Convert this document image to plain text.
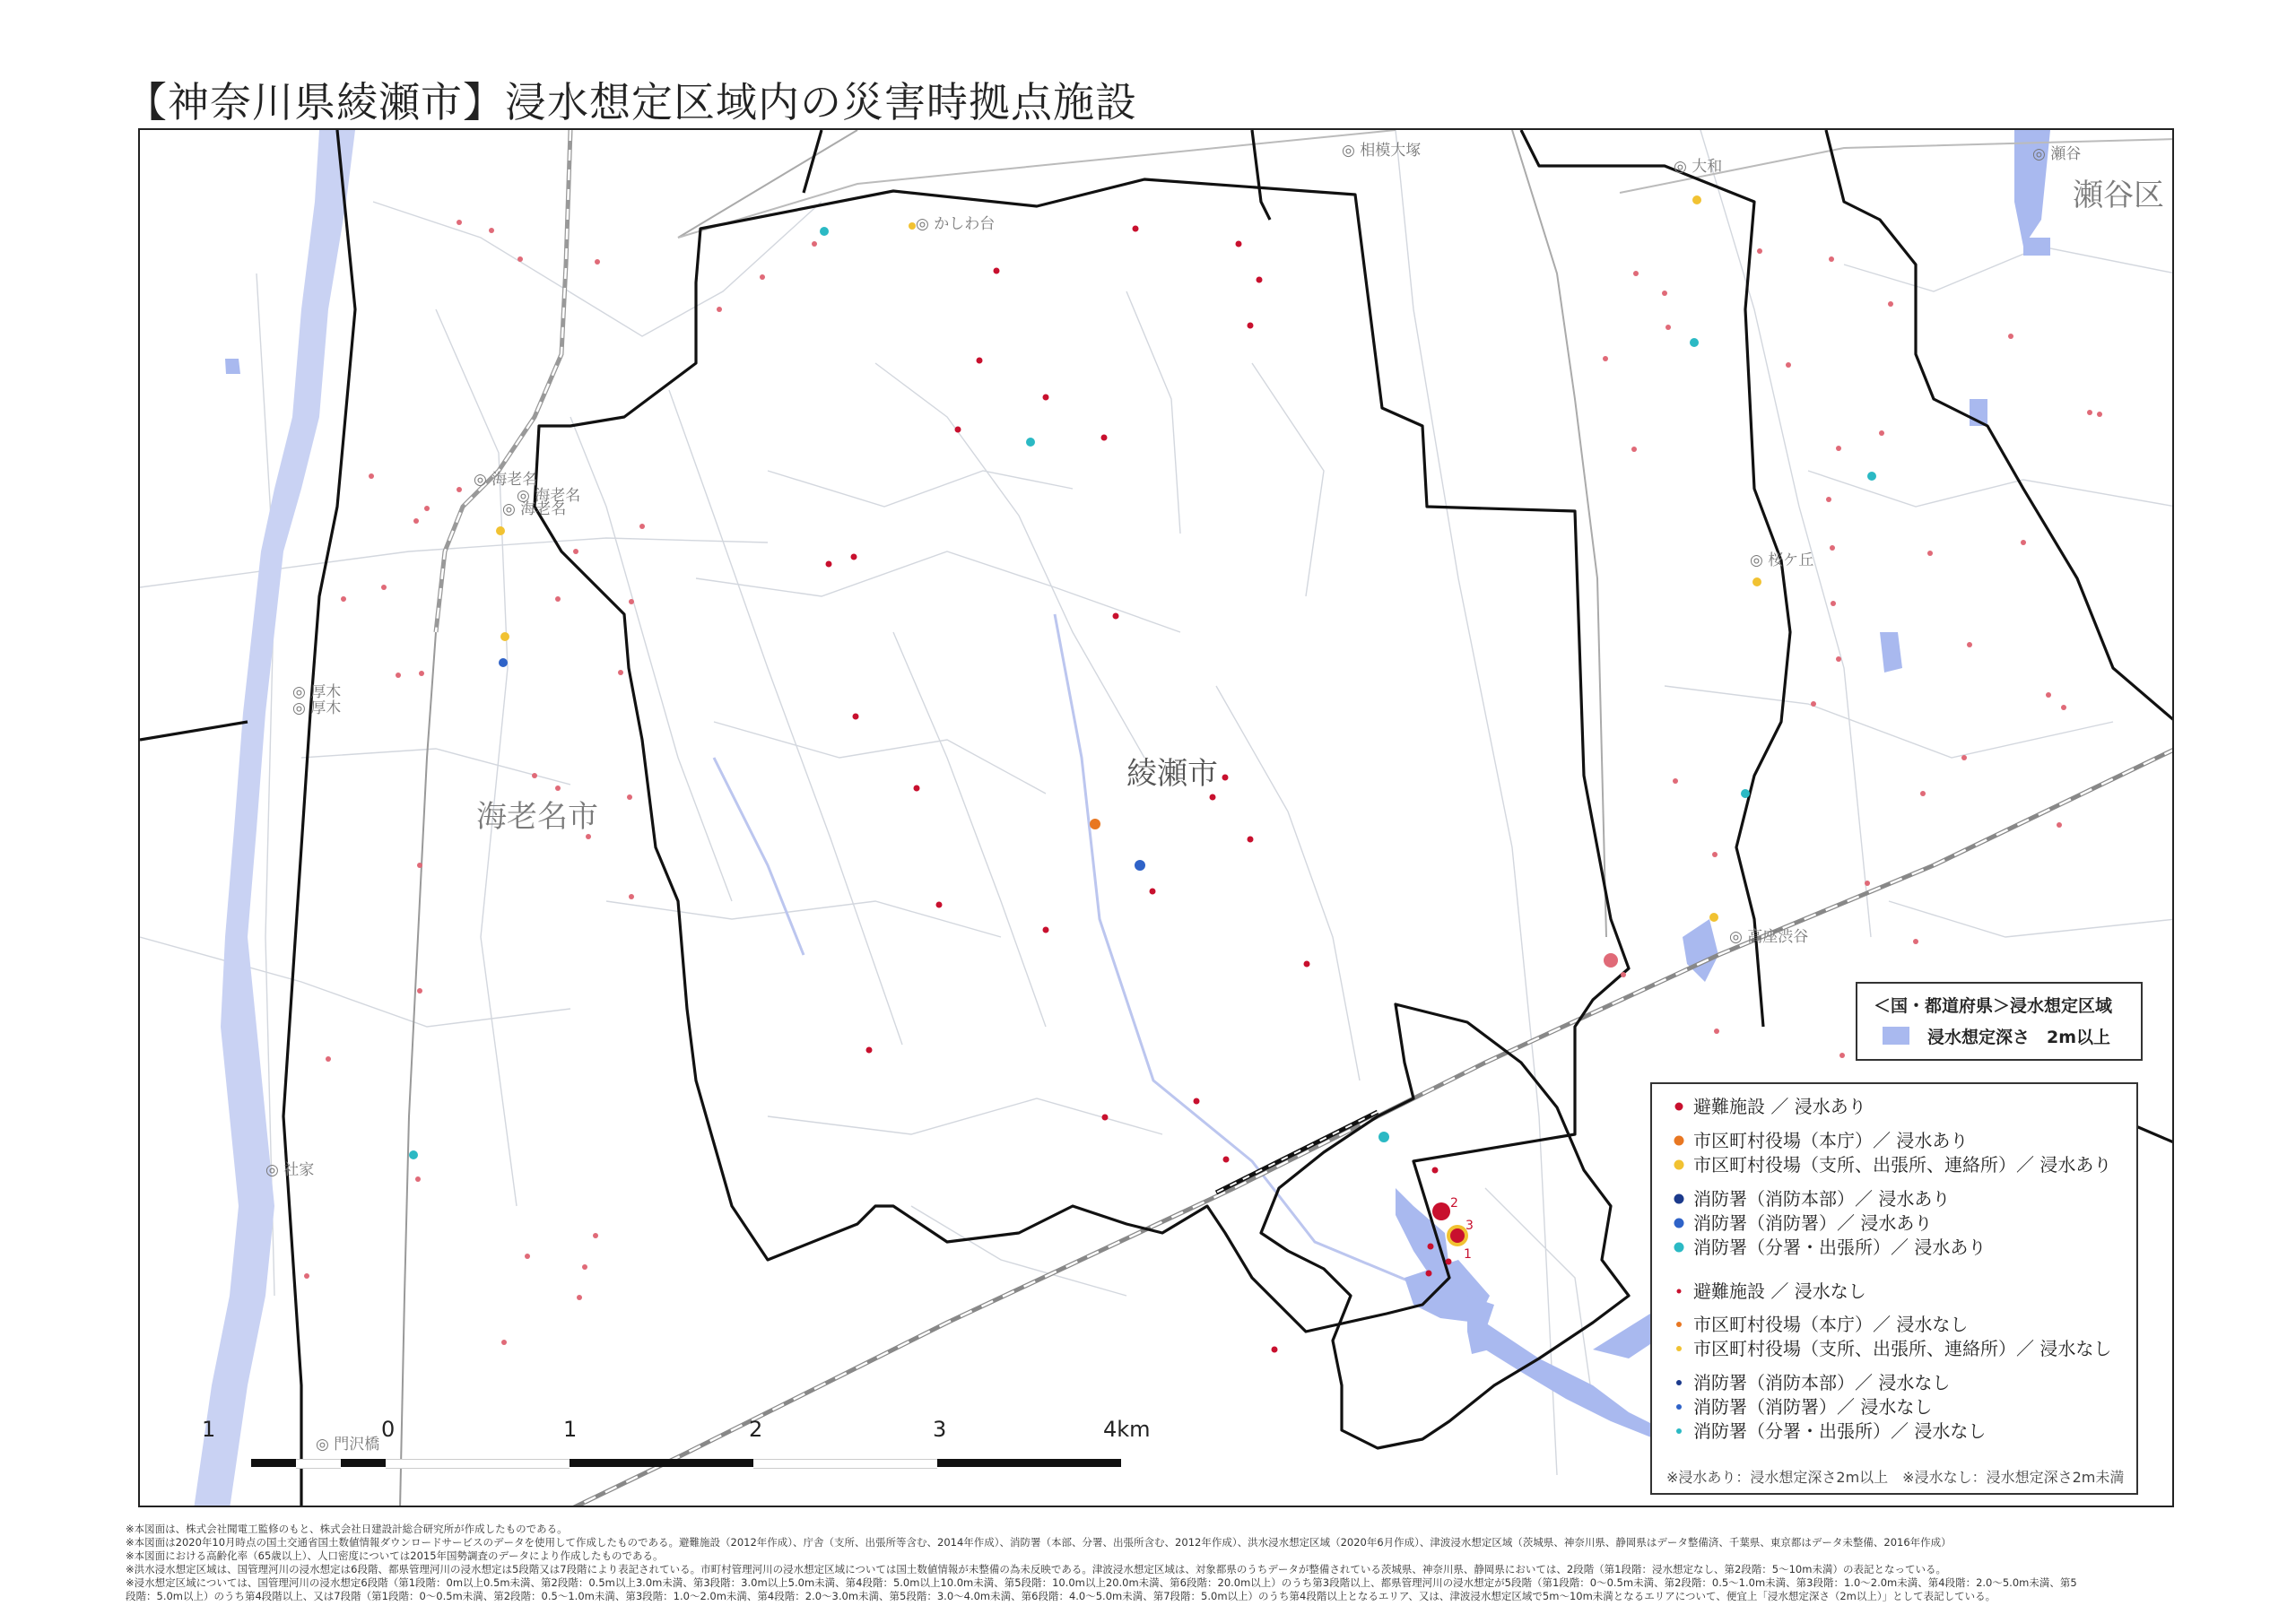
【神奈川県綾瀬市】浸水想定区域内の災害時拠点施設
2
3
1
綾瀬市
海老名市
瀬谷区
◎ かしわ台
◎ 相模大塚
◎ 大和
◎ 瀬谷
◎ 海老名
◎ 海老名
◎ 海老名
◎ 厚木
◎ 厚木
◎ 桜ケ丘
◎ 高座渋谷
◎ 社家
◎ 門沢橋
＜国・都道府県＞浸水想定区域
浸水想定深さ　2m以上
避難施設 ／ 浸水あり
市区町村役場（本庁）／ 浸水あり
市区町村役場（支所、出張所、連絡所）／ 浸水あり
消防署（消防本部）／ 浸水あり
消防署（消防署）／ 浸水あり
消防署（分署・出張所）／ 浸水あり
避難施設 ／ 浸水なし
市区町村役場（本庁）／ 浸水なし
市区町村役場（支所、出張所、連絡所）／ 浸水なし
消防署（消防本部）／ 浸水なし
消防署（消防署）／ 浸水なし
消防署（分署・出張所）／ 浸水なし
※浸水あり：浸水想定深さ2m以上　※浸水なし：浸水想定深さ2m未満
1	0	1	2	3	4km
※本図面は、株式会社聞電工監修のもと、株式会社日建設計総合研究所が作成したものである。
※本図面は2020年10月時点の国土交通省国土数値情報ダウンロードサービスのデータを使用して作成したものである。避難施設（2012年作成）、庁舎（支所、出張所等含む、2014年作成）、消防署（本部、分署、出張所含む、2012年作成）、洪水浸水想定区域（2020年6月作成）、津波浸水想定区域（茨城県、神奈川県、静岡県はデータ整備済、千葉県、東京都はデータ未整備、2016年作成）
※本図面における高齢化率（65歳以上）、人口密度については2015年国勢調査のデータにより作成したものである。
※洪水浸水想定区域は、国管理河川の浸水想定は6段階、都県管理河川の浸水想定は5段階又は7段階により表記されている。市町村管理河川の浸水想定区域については国土数値情報が未整備の為未反映である。津波浸水想定区域は、対象都県のうちデータが整備されている茨城県、神奈川県、静岡県においては、2段階（第1段階：浸水想定なし、第2段階：5〜10m未満）の表記となっている。
※浸水想定区域については、国管理河川の浸水想定6段階（第1段階：0m以上0.5m未満、第2段階：0.5m以上3.0m未満、第3段階：3.0m以上5.0m未満、第4段階：5.0m以上10.0m未満、第5段階：10.0m以上20.0m未満、第6段階：20.0m以上）のうち第3段階以上、都県管理河川の浸水想定が5段階（第1段階：0〜0.5m未満、第2段階：0.5〜1.0m未満、第3段階：1.0〜2.0m未満、第4段階：2.0〜5.0m未満、第5
段階：5.0m以上）のうち第4段階以上、又は7段階（第1段階：0〜0.5m未満、第2段階：0.5〜1.0m未満、第3段階：1.0〜2.0m未満、第4段階：2.0〜3.0m未満、第5段階：3.0〜4.0m未満、第6段階：4.0〜5.0m未満、第7段階：5.0m以上）のうち第4段階以上となるエリア、又は、津波浸水想定区域で5m〜10m未満となるエリアについて、便宜上「浸水想定深さ（2m以上）」として表記している。
